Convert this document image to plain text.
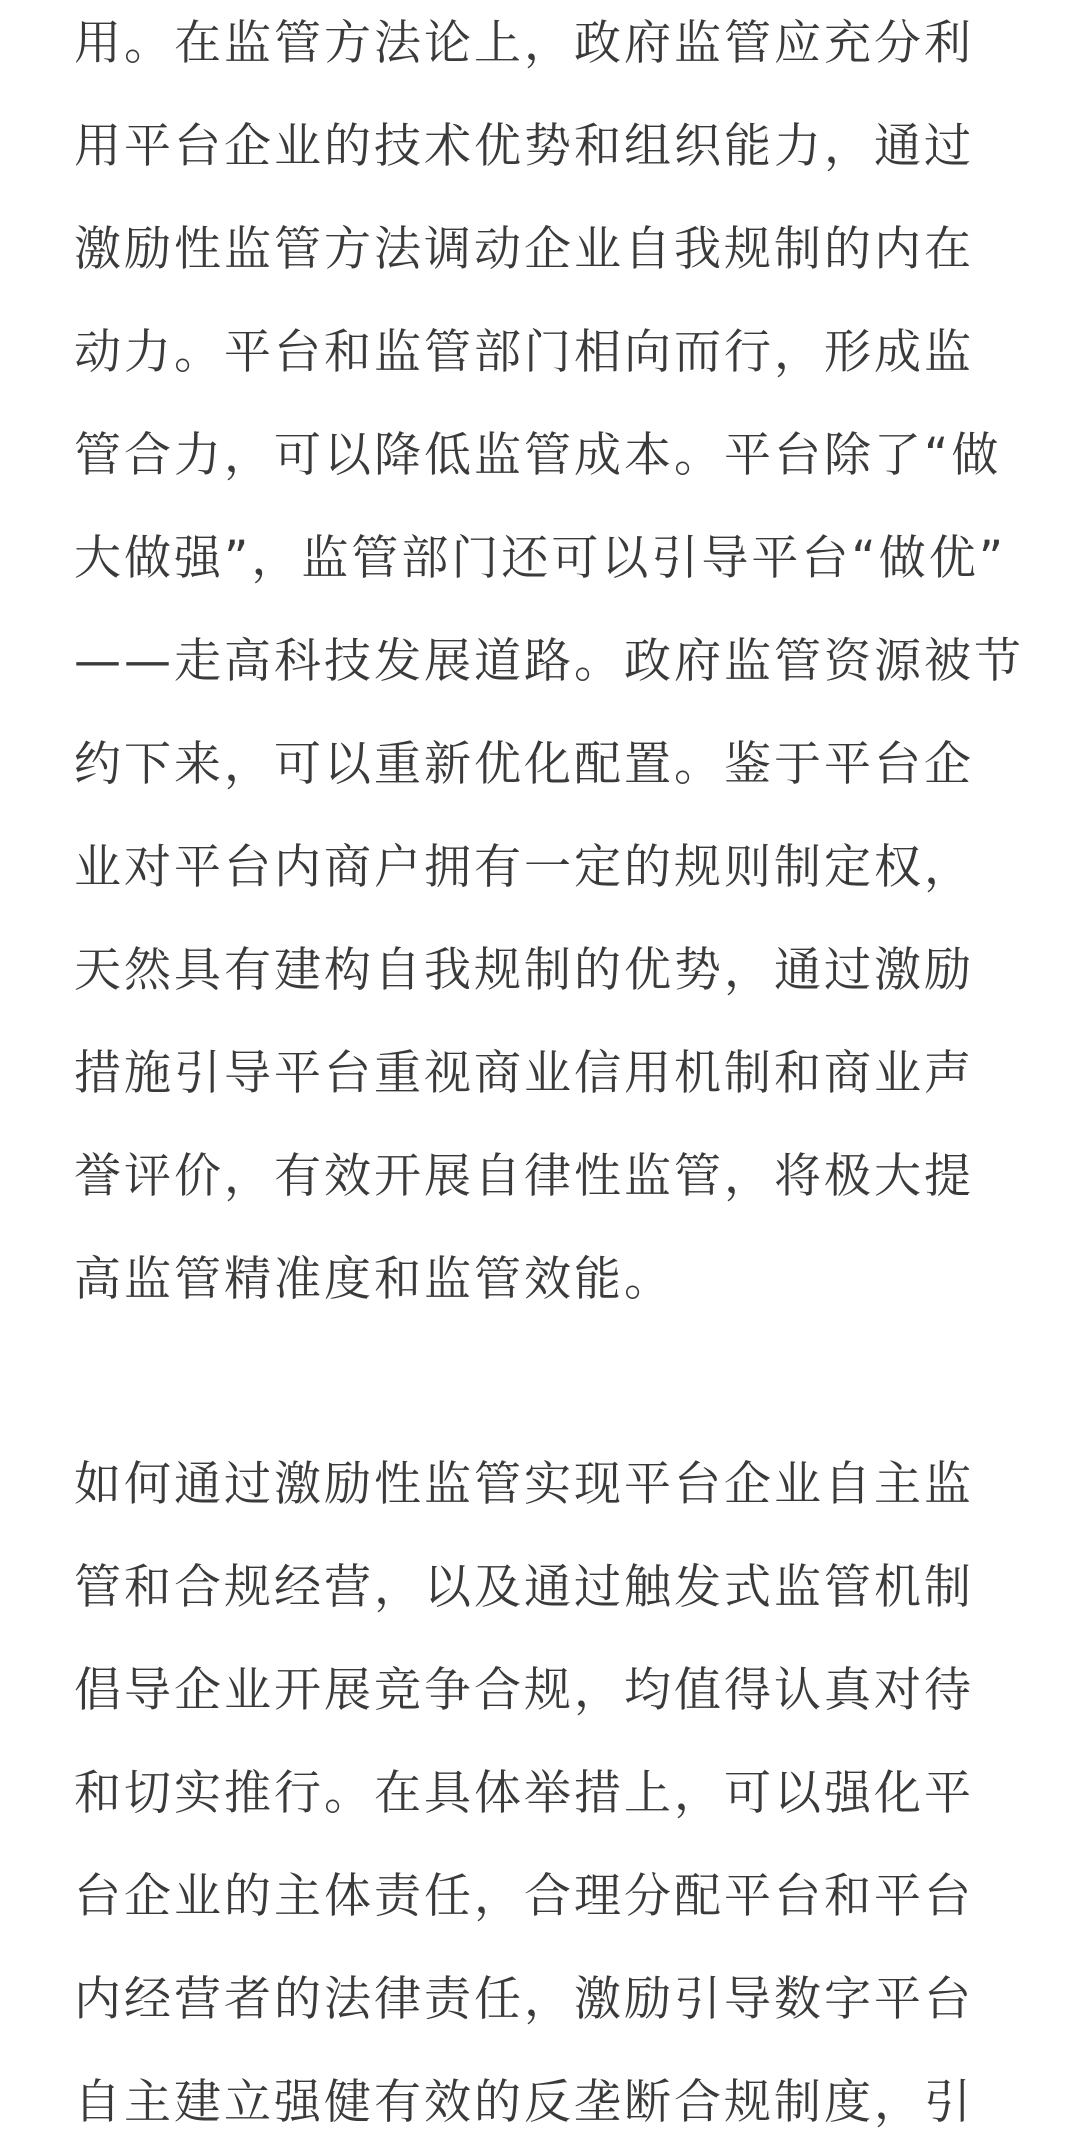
用。在监管方法论上，政府监管应充分利
用平台企业的技术优势和组织能力，通过
激励性监管方法调动企业自我规制的内在
动力。平台和监管部门相向而行，形成监
管合力，可以降低监管成本。平台除了“做
大做强”，监管部门还可以引导平台“做优”
——走高科技发展道路。政府监管资源被节
约下来，可以重新优化配置。鉴于平台企
业对平台内商户拥有一定的规则制定权，
天然具有建构自我规制的优势，通过激励
措施引导平台重视商业信用机制和商业声
誉评价，有效开展自律性监管，将极大提
高监管精准度和监管效能。
如何通过激励性监管实现平台企业自主监
管和合规经营，以及通过触发式监管机制
倡导企业开展竞争合规，均值得认真对待
和切实推行。在具体举措上，可以强化平
台企业的主体责任，合理分配平台和平台
内经营者的法律责任，激励引导数字平台
自主建立强健有效的反垄断合规制度，引
